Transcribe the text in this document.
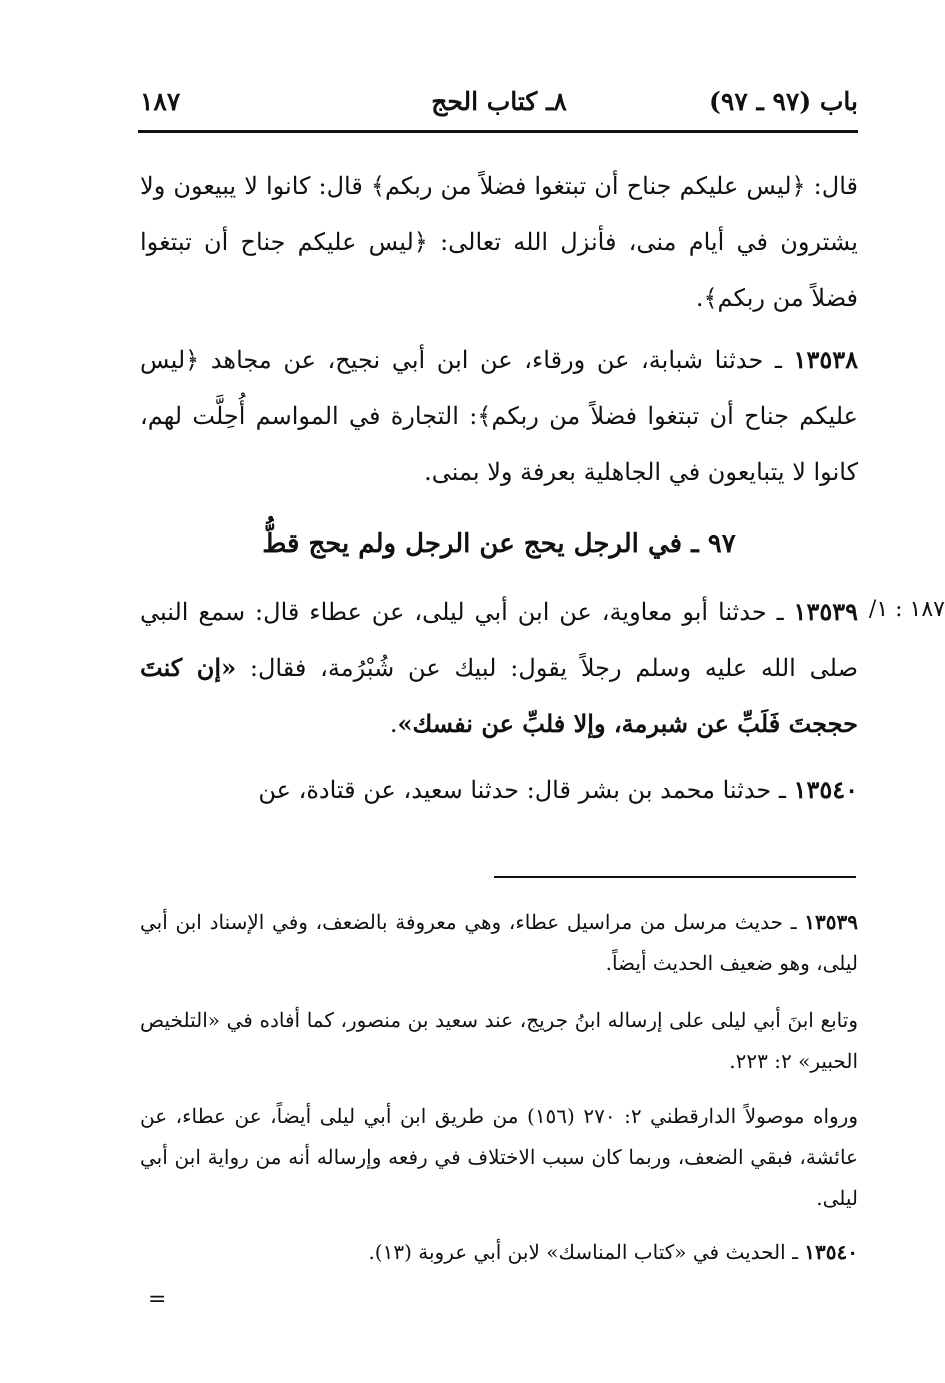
باب (٩٧ ـ ٩٧)
٨ـ كتاب الحج
١٨٧
قال: ﴿ليس عليكم جناح أن تبتغوا فضلاً من ربكم﴾ قال: كانوا لا يبيعون ولا يشترون في أيام منى، فأنزل الله تعالى: ﴿ليس عليكم جناح أن تبتغوا فضلاً من ربكم﴾.
١٣٥٣٨ ـ حدثنا شبابة، عن ورقاء، عن ابن أبي نجيح، عن مجاهد ﴿ليس عليكم جناح أن تبتغوا فضلاً من ربكم﴾: التجارة في المواسم أُحِلَّت لهم، كانوا لا يتبايعون في الجاهلية بعرفة ولا بمنى.
٩٧ ـ في الرجل يحج عن الرجل ولم يحج قطُّ
١٨٧ : ١/
١٣٥٣٩ ـ حدثنا أبو معاوية، عن ابن أبي ليلى، عن عطاء قال: سمع النبي صلى الله عليه وسلم رجلاً يقول: لبيك عن شُبْرُمة، فقال: «إن كنتَ حججتَ فَلَبِّ عن شبرمة، وإلا فلبِّ عن نفسك».
١٣٥٤٠ ـ حدثنا محمد بن بشر قال: حدثنا سعيد، عن قتادة، عن
١٣٥٣٩ ـ حديث مرسل من مراسيل عطاء، وهي معروفة بالضعف، وفي الإسناد ابن أبي ليلى، وهو ضعيف الحديث أيضاً.
وتابع ابنَ أبي ليلى على إرساله ابنُ جريج، عند سعيد بن منصور، كما أفاده في «التلخيص الحبير» ٢: ٢٢٣.
ورواه موصولاً الدارقطني ٢: ٢٧٠ (١٥٦) من طريق ابن أبي ليلى أيضاً، عن عطاء، عن عائشة، فبقي الضعف، وربما كان سبب الاختلاف في رفعه وإرساله أنه من رواية ابن أبي ليلى.
١٣٥٤٠ ـ الحديث في «كتاب المناسك» لابن أبي عروبة (١٣).
=
